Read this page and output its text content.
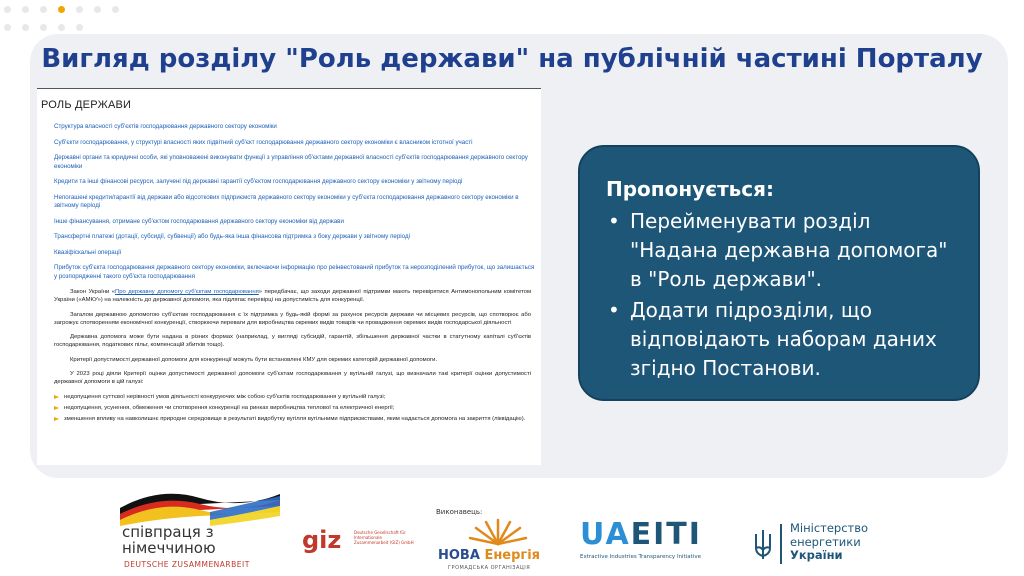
Вигляд розділу "Роль держави" на публічній частині Порталу
РОЛЬ ДЕРЖАВИ
Структура власності суб'єктів господарювання державного сектору економіки
Суб'єкти господарювання, у структурі власності яких підвітний суб'єкт господарювання державного сектору економіки є власником істотної участі
Державні органи та юридичні особи, які уповноважені виконувати функції з управління об'єктами державної власності суб'єктів господарювання державного сектору економіки
Кредити та інші фінансові ресурси, залучені під державні гарантії суб'єктом господарювання державного сектору економіки у звітному періоді
Непогашені кредити/гарантії від держави або відсоткових підприємств державного сектору економіки у суб'єкта господарювання державного сектору економіки в звітному періоді
Інше фінансування, отримане суб'єктом господарювання державного сектору економіки від держави
Трансфертні платежі (дотації, субсидії, субвенції) або будь-яка інша фінансова підтримка з боку держави у звітному періоді
Квазіфіскальні операції
Прибуток суб'єкта господарювання державного сектору економіки, включаючи інформацію про реінвестований прибуток та нерозподілений прибуток, що залишається у розпорядженні такого суб'єкта господарювання

Закон України «Про державну допомогу суб'єктам господарювання» передбачає, що заходи державної підтримки мають перевірятися Антимонопольним комітетом України («АМКУ») на належність до державної допомоги, яка підлягає перевірці на допустимість для конкуренції.

Загалом державною допомогою суб'єктам господарювання є їх підтримка у будь-якій формі за рахунок ресурсів держави чи місцевих ресурсів, що спотворює або загрожує спотворенням економічної конкуренції, створюючи переваги для виробництва окремих видів товарів чи провадження окремих видів господарської діяльності

Державна допомога може бути надана в різних формах (наприклад, у вигляді субсидій, гарантій, збільшення державної частки в статутному капіталі суб'єктів господарювання, податкових пільг, компенсацій збитків тощо).

Критерії допустимості державної допомоги для конкуренції можуть бути встановлені КМУ для окремих категорій державної допомоги.

У 2023 році діяли Критерії оцінки допустимості державної допомоги суб'єктам господарювання у вугільній галузі, що визначали такі критерії оцінки допустимості державної допомоги в цій галузі:

недопущення суттєвої нерівності умов діяльності конкуруючих між собою суб'єктів господарювання у вугільній галузі;
недопущення, усунення, обмеження чи спотворення конкуренції на ринках виробництва теплової та електричної енергії;
зменшення впливу на навколишнє природне середовище в результаті видобутку вугілля вугільними підприємствами, яким надається допомога на закриття (ліквідацію).
Пропонується:
• Перейменувати розділ "Надана державна допомога" в "Роль держави".
• Додати підрозділи, що відповідають наборам даних згідно Постанови.
співпраця з
німеччиною
DEUTSCHE ZUSAMMENARBEIT
giz	Deutsche Gesellschaft für Internationale Zusammenarbeit (GIZ) GmbH
Виконавець:
НОВА Енергія
ГРОМАДСЬКА ОРГАНІЗАЦІЯ
UAEITI
Extractive Industries Transparency Initiative
Міністерство
енергетики
України
